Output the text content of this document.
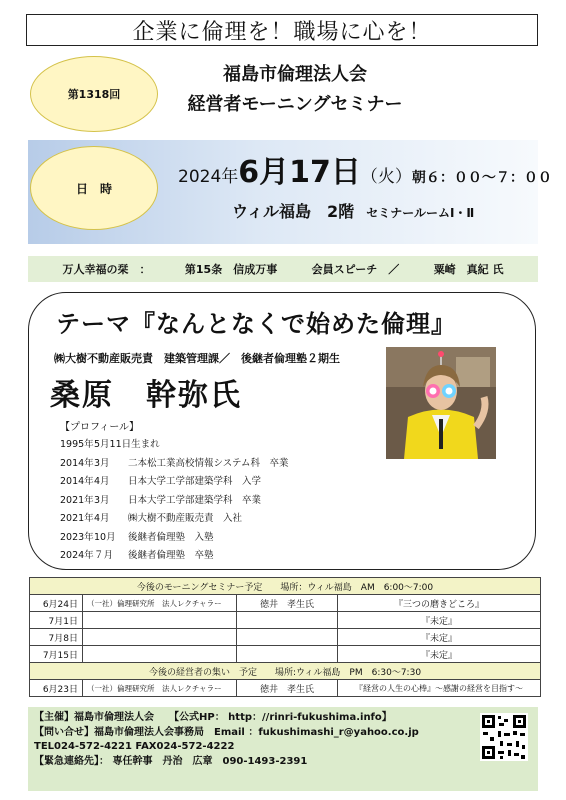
企業に倫理を！職場に心を！
第1318回
福島市倫理法人会
経営者モーニングセミナー
日　時
2024年6月17日（火）朝６：００～７：００
ウィル福島　2階 セミナールームⅠ・Ⅱ
万人幸福の栞　：	第15条　信成万事	会員スピーチ　／	粟崎　真紀 氏
テーマ『なんとなくで始めた倫理』
㈱大樹不動産販売責　建築管理課／　後継者倫理塾２期生
桑原　幹弥氏
【プロフィール】
1995年5月11日生まれ
2014年3月 二本松工業高校情報システム科　卒業
2014年4月 日本大学工学部建築学科　入学
2021年3月 日本大学工学部建築学科　卒業
2021年4月 ㈱大樹不動産販売責　入社
2023年10月 後継者倫理塾　入塾
2024年７月 後継者倫理塾　卒塾
今後のモーニングセミナー予定　　場所：ウィル福島　AM　6:00～7:00			
6月24日	（一社）倫理研究所　法人レクチャラー	徳井　孝生氏	『三つの磨きどころ』
7月1日			『未定』
7月8日			『未定』
7月15日			『未定』
今後の経営者の集い　予定　　場所:ウィル福島　PM　6:30～7:30			
6月23日	（一社）倫理研究所　法人レクチャラー	徳井　孝生氏	『経営の人生の心棒』～感謝の経営を目指す～
【主催】福島市倫理法人会　　【公式HP： http：//rinri-fukushima.info】
【問い合せ】福島市倫理法人会事務局　Email ：fukushimashi_r@yahoo.co.jp
TEL024-572-4221 FAX024-572-4222
【緊急連絡先】： 専任幹事　丹治　広章　090-1493-2391
